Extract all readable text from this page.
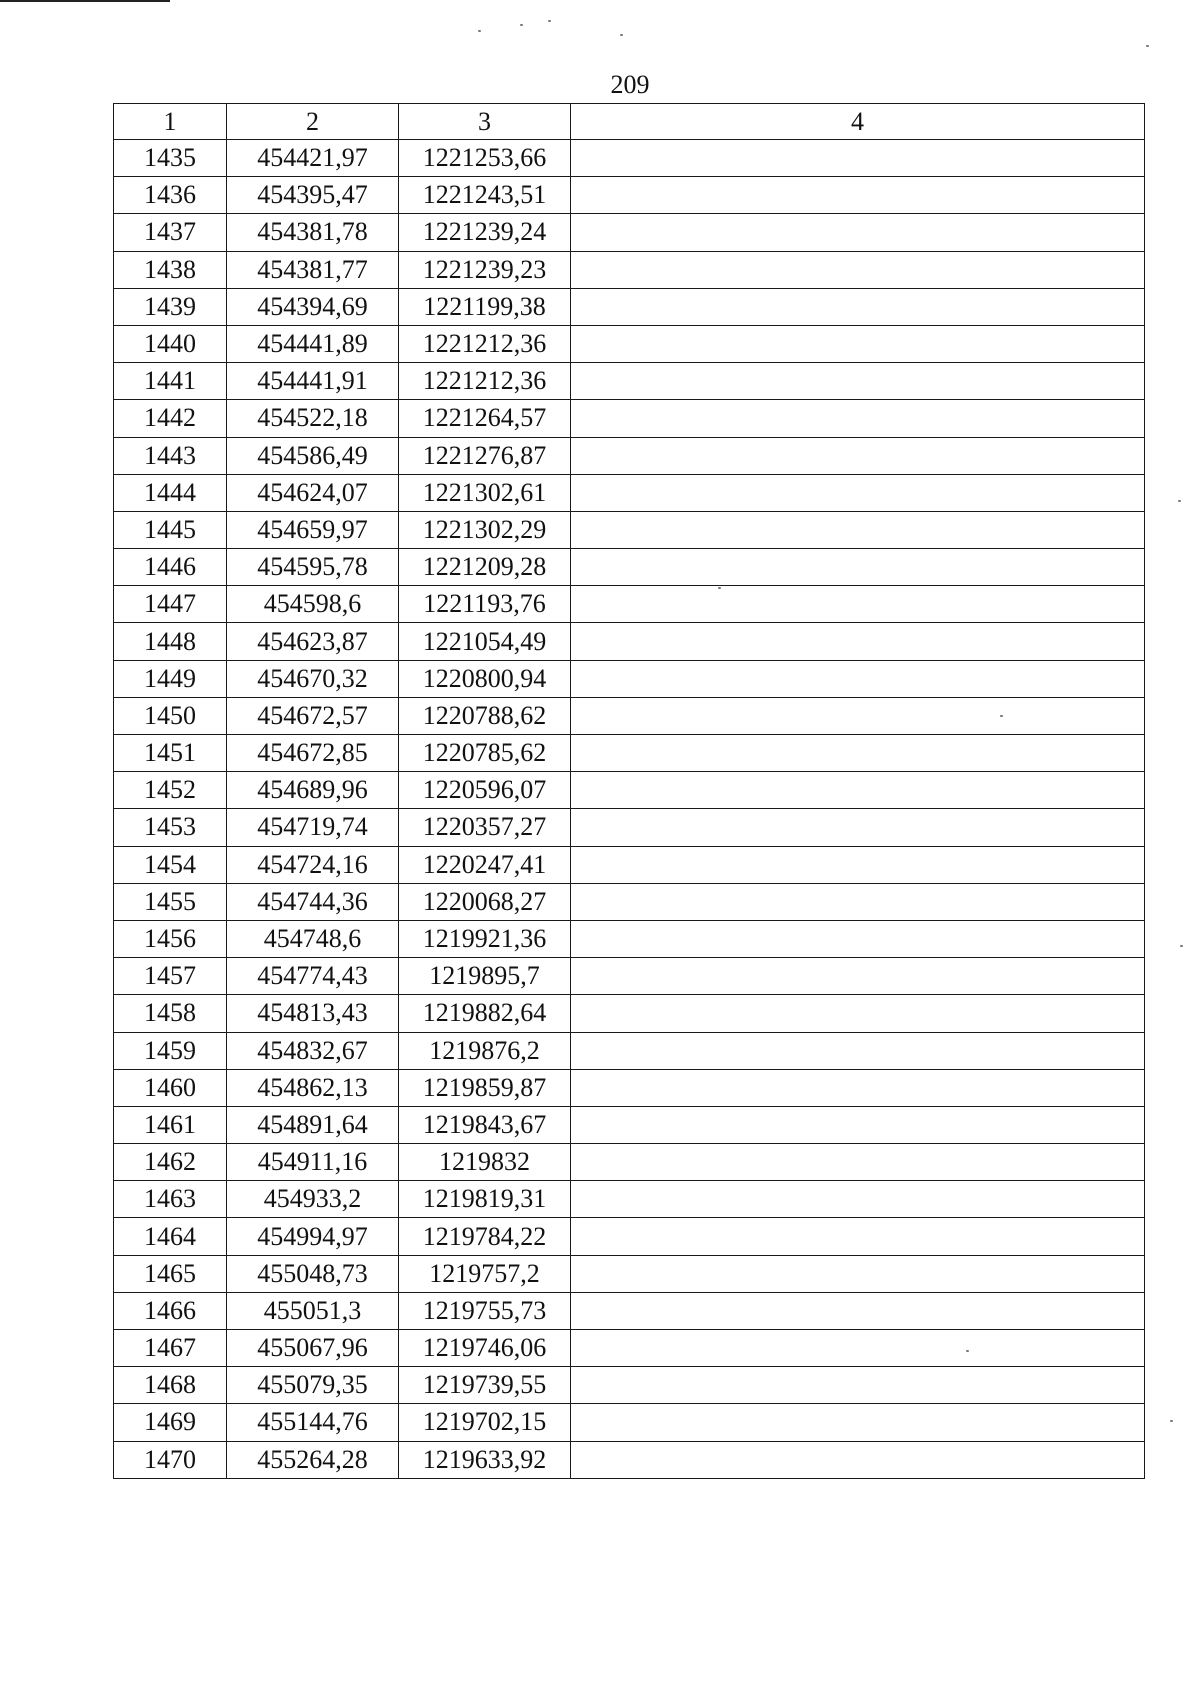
209
1	2	3	4
1435	454421,97	1221253,66	
1436	454395,47	1221243,51	
1437	454381,78	1221239,24	
1438	454381,77	1221239,23	
1439	454394,69	1221199,38	
1440	454441,89	1221212,36	
1441	454441,91	1221212,36	
1442	454522,18	1221264,57	
1443	454586,49	1221276,87	
1444	454624,07	1221302,61	
1445	454659,97	1221302,29	
1446	454595,78	1221209,28	
1447	454598,6	1221193,76	
1448	454623,87	1221054,49	
1449	454670,32	1220800,94	
1450	454672,57	1220788,62	
1451	454672,85	1220785,62	
1452	454689,96	1220596,07	
1453	454719,74	1220357,27	
1454	454724,16	1220247,41	
1455	454744,36	1220068,27	
1456	454748,6	1219921,36	
1457	454774,43	1219895,7	
1458	454813,43	1219882,64	
1459	454832,67	1219876,2	
1460	454862,13	1219859,87	
1461	454891,64	1219843,67	
1462	454911,16	1219832	
1463	454933,2	1219819,31	
1464	454994,97	1219784,22	
1465	455048,73	1219757,2	
1466	455051,3	1219755,73	
1467	455067,96	1219746,06	
1468	455079,35	1219739,55	
1469	455144,76	1219702,15	
1470	455264,28	1219633,92	
